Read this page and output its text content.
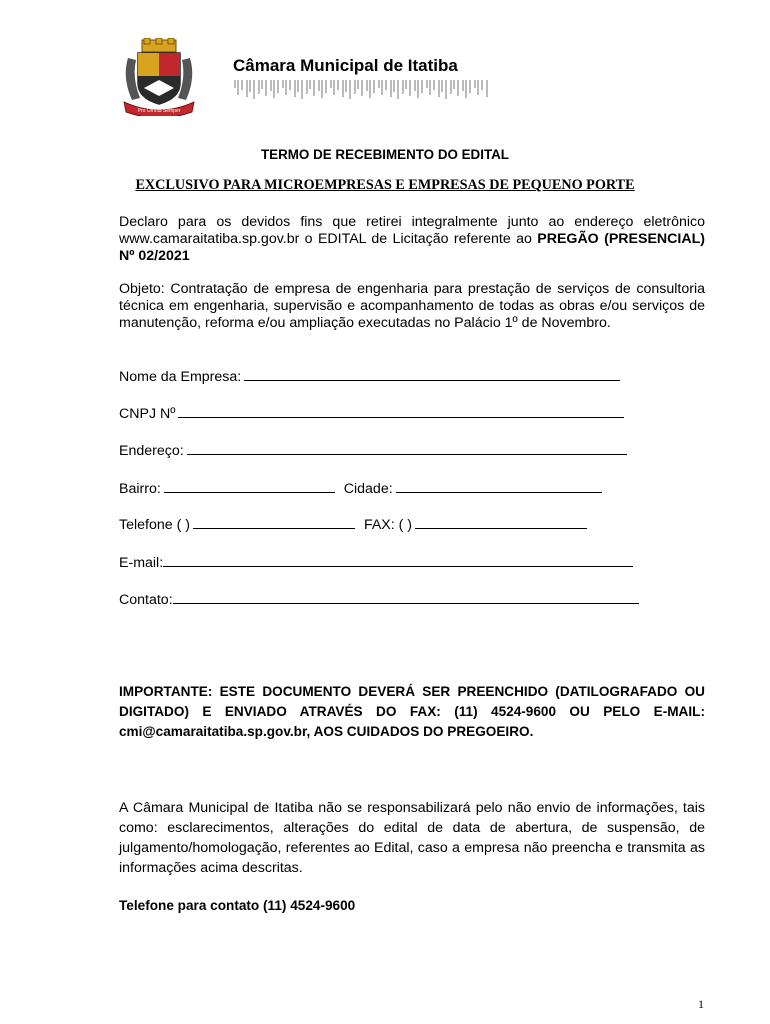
Pro Omnia Semper
Câmara Municipal de Itatiba
TERMO DE RECEBIMENTO DO EDITAL
EXCLUSIVO PARA MICROEMPRESAS E EMPRESAS DE PEQUENO PORTE

Declaro para os devidos fins que retirei integralmente junto ao endereço eletrônico www.camaraitatiba.sp.gov.br o EDITAL de Licitação referente ao PREGÃO (PRESENCIAL) Nº 02/2021

Objeto: Contratação de empresa de engenharia para prestação de serviços de consultoria técnica em engenharia, supervisão e acompanhamento de todas as obras e/ou serviços de manutenção, reforma e/ou ampliação executadas no Palácio 1º de Novembro.

Nome da Empresa:
CNPJ Nº
Endereço:
Bairro:	Cidade:
Telefone ( )	FAX: ( )
E-mail:
Contato:

IMPORTANTE: ESTE DOCUMENTO DEVERÁ SER PREENCHIDO (DATILOGRAFADO OU DIGITADO) E ENVIADO ATRAVÉS DO FAX: (11) 4524-9600 OU PELO E-MAIL: cmi@camaraitatiba.sp.gov.br, AOS CUIDADOS DO PREGOEIRO.

A Câmara Municipal de Itatiba não se responsabilizará pelo não envio de informações, tais como: esclarecimentos, alterações do edital de data de abertura, de suspensão, de julgamento/homologação, referentes ao Edital, caso a empresa não preencha e transmita as informações acima descritas.

Telefone para contato (11) 4524-9600
1
